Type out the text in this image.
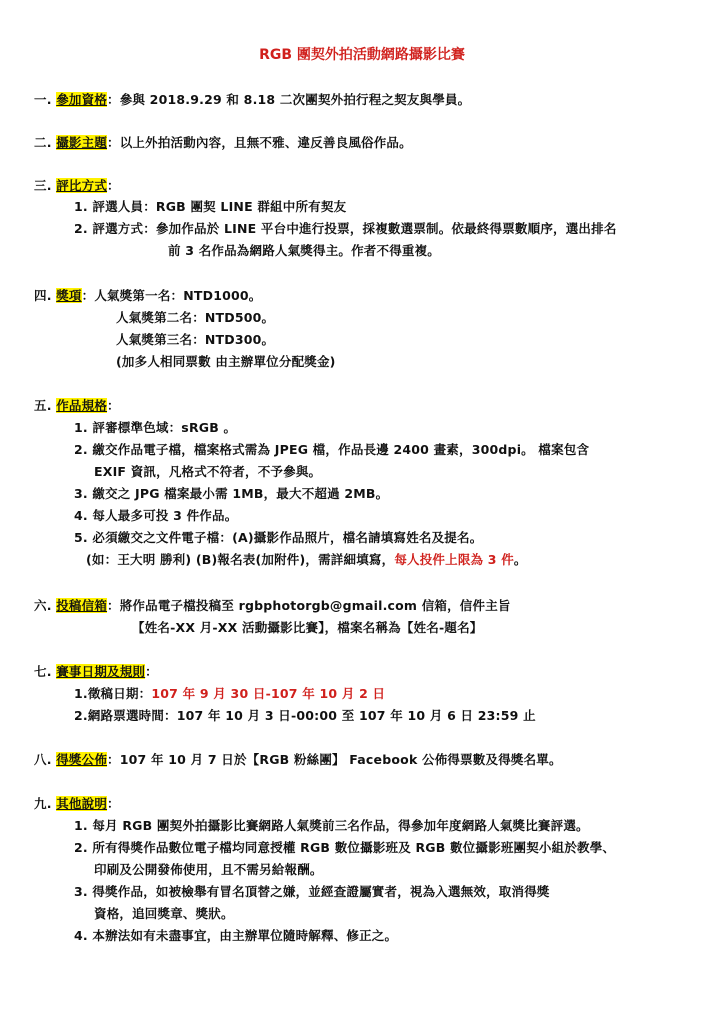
RGB 團契外拍活動網路攝影比賽
一. 參加資格：參與 2018.9.29 和 8.18 二次團契外拍行程之契友與學員。
二. 攝影主題：以上外拍活動內容，且無不雅、違反善良風俗作品。
三. 評比方式：
1. 評選人員：RGB 團契 LINE 群組中所有契友
2. 評選方式：參加作品於 LINE 平台中進行投票，採複數選票制。依最終得票數順序，選出排名
前 3 名作品為網路人氣獎得主。作者不得重複。
四. 獎項：人氣獎第一名：NTD1000。
人氣獎第二名：NTD500。
人氣獎第三名：NTD300。
(加多人相同票數 由主辦單位分配獎金)
五. 作品規格：
1. 評審標準色域：sRGB 。
2. 繳交作品電子檔，檔案格式需為 JPEG 檔，作品長邊 2400 畫素，300dpi。 檔案包含
EXIF 資訊，凡格式不符者，不予參與。
3. 繳交之 JPG 檔案最小需 1MB，最大不超過 2MB。
4. 每人最多可投 3 件作品。
5. 必須繳交之文件電子檔：(A)攝影作品照片，檔名請填寫姓名及提名。
(如：王大明 勝利) (B)報名表(加附件)，需詳細填寫，每人投件上限為 3 件。
六. 投稿信箱：將作品電子檔投稿至 rgbphotorgb@gmail.com 信箱，信件主旨
【姓名-XX 月-XX 活動攝影比賽】，檔案名稱為【姓名-題名】
七. 賽事日期及規則：
1.徵稿日期：107 年 9 月 30 日-107 年 10 月 2 日
2.網路票選時間：107 年 10 月 3 日-00:00 至 107 年 10 月 6 日 23:59 止
八. 得獎公佈：107 年 10 月 7 日於【RGB 粉絲團】 Facebook 公佈得票數及得獎名單。
九. 其他說明：
1. 每月 RGB 團契外拍攝影比賽網路人氣獎前三名作品，得參加年度網路人氣獎比賽評選。
2. 所有得獎作品數位電子檔均同意授權 RGB 數位攝影班及 RGB 數位攝影班團契小組於教學、
印刷及公開發佈使用，且不需另給報酬。
3. 得獎作品，如被檢舉有冒名頂替之嫌，並經查證屬實者，視為入選無效，取消得獎
資格，追回獎章、獎狀。
4. 本辦法如有未盡事宜，由主辦單位隨時解釋、修正之。
